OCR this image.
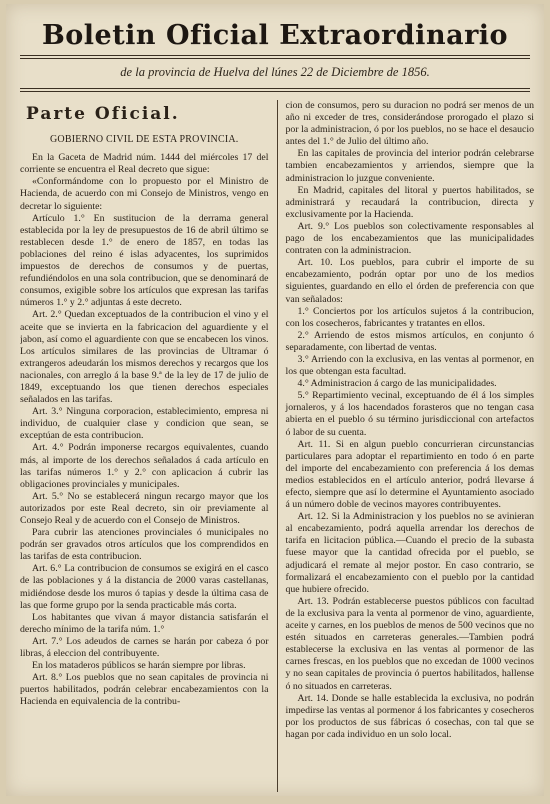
Boletin Oficial Extraordinario
de la provincia de Huelva del lúnes 22 de Diciembre de 1856.
Parte Oficial.
GOBIERNO CIVIL DE ESTA PROVINCIA.

En la Gaceta de Madrid núm. 1444 del miércoles 17 del corriente se encuentra el Real decreto que sigue:

«Conformándome con lo propuesto por el Ministro de Hacienda, de acuerdo con mi Consejo de Ministros, vengo en decretar lo siguiente:

Artículo 1.° En sustitucion de la derrama general establecida por la ley de presupuestos de 16 de abril último se restablecen desde 1.° de enero de 1857, en todas las poblaciones del reino é islas adyacentes, los suprimidos impuestos de derechos de consumos y de puertas, refundiéndolos en una sola contribucion, que se denominará de consumos, exigible sobre los artículos que expresan las tarifas números 1.° y 2.° adjuntas á este decreto.

Art. 2.° Quedan exceptuados de la contribucion el vino y el aceite que se invierta en la fabricacion del aguardiente y el jabon, así como el aguardiente con que se encabecen los vinos. Los artículos similares de las provincias de Ultramar ó extrangeros adeudarán los mismos derechos y recargos que los nacionales, con arreglo á la base 9.ª de la ley de 17 de julio de 1849, exceptuando los que tienen derechos especiales señalados en las tarifas.

Art. 3.° Ninguna corporacion, establecimiento, empresa ni individuo, de cualquier clase y condicion que sean, se exceptúan de esta contribucion.

Art. 4.° Podrán imponerse recargos equivalentes, cuando más, al importe de los derechos señalados á cada artículo en las tarifas números 1.° y 2.° con aplicacion á cubrir las obligaciones provinciales y municipales.

Art. 5.° No se establecerá ningun recargo mayor que los autorizados por este Real decreto, sin oir previamente al Consejo Real y de acuerdo con el Consejo de Ministros.

Para cubrir las atenciones provinciales ó municipales no podrán ser gravados otros artículos que los comprendidos en las tarifas de esta contribucion.

Art. 6.° La contribucion de consumos se exigirá en el casco de las poblaciones y á la distancia de 2000 varas castellanas, midiéndose desde los muros ó tapias y desde la última casa de las que forme grupo por la senda practicable más corta.

Los habitantes que vivan á mayor distancia satisfarán el derecho mínimo de la tarifa núm. 1.°

Art. 7.° Los adeudos de carnes se harán por cabeza ó por libras, á eleccion del contribuyente.

En los mataderos públicos se harán siempre por libras.

Art. 8.° Los pueblos que no sean capitales de provincia ni puertos habilitados, podrán celebrar encabezamientos con la Hacienda en equivalencia de la contribu-

cion de consumos, pero su duracion no podrá ser menos de un año ni exceder de tres, considerándose prorogado el plazo si por la administracion, ó por los pueblos, no se hace el desaucio antes del 1.° de Julio del último año.

En las capitales de provincia del interior podrán celebrarse tambien encabezamientos y arriendos, siempre que la administracion lo juzgue conveniente.

En Madrid, capitales del litoral y puertos habilitados, se administrará y recaudará la contribucion, directa y exclusivamente por la Hacienda.

Art. 9.° Los pueblos son colectivamente responsables al pago de los encabezamientos que las municipalidades contraten con la administracion.

Art. 10. Los pueblos, para cubrir el importe de su encabezamiento, podrán optar por uno de los medios siguientes, guardando en ello el órden de preferencia con que van señalados:

1.° Conciertos por los artículos sujetos á la contribucion, con los cosecheros, fabricantes y tratantes en ellos.

2.° Arriendo de estos mismos artículos, en conjunto ó separadamente, con libertad de ventas.

3.° Arriendo con la exclusiva, en las ventas al pormenor, en los que obtengan esta facultad.

4.° Administracion á cargo de las municipalidades.

5.° Repartimiento vecinal, exceptuando de él á los simples jornaleros, y á los hacendados forasteros que no tengan casa abierta en el pueblo ó su término jurisdiccional con artefactos ó labor de su cuenta.

Art. 11. Si en algun pueblo concurrieran circunstancias particulares para adoptar el repartimiento en todo ó en parte del importe del encabezamiento con preferencia á los demas medios establecidos en el artículo anterior, podrá llevarse á efecto, siempre que así lo determine el Ayuntamiento asociado á un número doble de vecinos mayores contribuyentes.

Art. 12. Si la Administracion y los pueblos no se avinieran al encabezamiento, podrá aquella arrendar los derechos de tarifa en licitacion pública.—Cuando el precio de la subasta fuese mayor que la cantidad ofrecida por el pueblo, se adjudicará el remate al mejor postor. En caso contrario, se formalizará el encabezamiento con el pueblo por la cantidad que hubiere ofrecido.

Art. 13. Podrán establecerse puestos públicos con facultad de la exclusiva para la venta al pormenor de vino, aguardiente, aceite y carnes, en los pueblos de menos de 500 vecinos que no estén situados en carreteras generales.—Tambien podrá establecerse la exclusiva en las ventas al pormenor de las carnes frescas, en los pueblos que no excedan de 1000 vecinos y no sean capitales de provincia ó puertos habilitados, hallense ó no situados en carreteras.

Art. 14. Donde se halle establecida la exclusiva, no podrán impedirse las ventas al pormenor á los fabricantes y cosecheros por los productos de sus fábricas ó cosechas, con tal que se hagan por cada individuo en un solo local.
